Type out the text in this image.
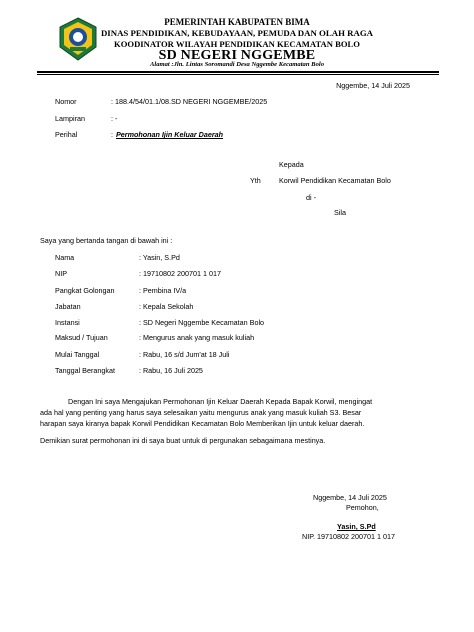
PEMERINTAH KABUPATEN BIMA
DINAS PENDIDIKAN, KEBUDAYAAN, PEMUDA DAN OLAH RAGA
KOODINATOR WILAYAH PENDIDIKAN KECAMATAN BOLO
SD NEGERI NGGEMBE
Alamat :Jln. Lintas Soromandi Desa Nggembe Kecamatan Bolo
Nggembe, 14 Juli 2025
Nomor	: 188.4/54/01.1/08.SD NEGERI NGGEMBE/2025
Lampiran	: -
Perihal	: Permohonan Ijin Keluar Daerah
Kepada
Yth	Korwil Pendidikan Kecamatan Bolo
di -
Sila
Saya yang bertanda tangan di bawah ini :
Nama	: Yasin, S.Pd
NIP	: 19710802 200701 1 017
Pangkat Golongan	: Pembina IV/a
Jabatan	: Kepala Sekolah
Instansi	: SD Negeri Nggembe Kecamatan Bolo
Maksud / Tujuan	: Mengurus anak yang masuk kuliah
Mulai Tanggal	: Rabu, 16 s/d Jum'at 18 Juli
Tanggal Berangkat	: Rabu, 16 Juli 2025
Dengan Ini saya Mengajukan Permohonan Ijin Keluar Daerah Kepada Bapak Korwil, mengingat
ada hal yang penting yang harus saya selesaikan yaitu mengurus anak yang masuk kuliah S3. Besar
harapan saya kiranya bapak Korwil Pendidikan Kecamatan Bolo Memberikan Ijin untuk keluar daerah.
Demikian surat permohonan ini di saya buat untuk di pergunakan sebagaimana mestinya.
Nggembe, 14 Juli 2025
Pemohon,
Yasin, S.Pd
NIP. 19710802 200701 1 017
